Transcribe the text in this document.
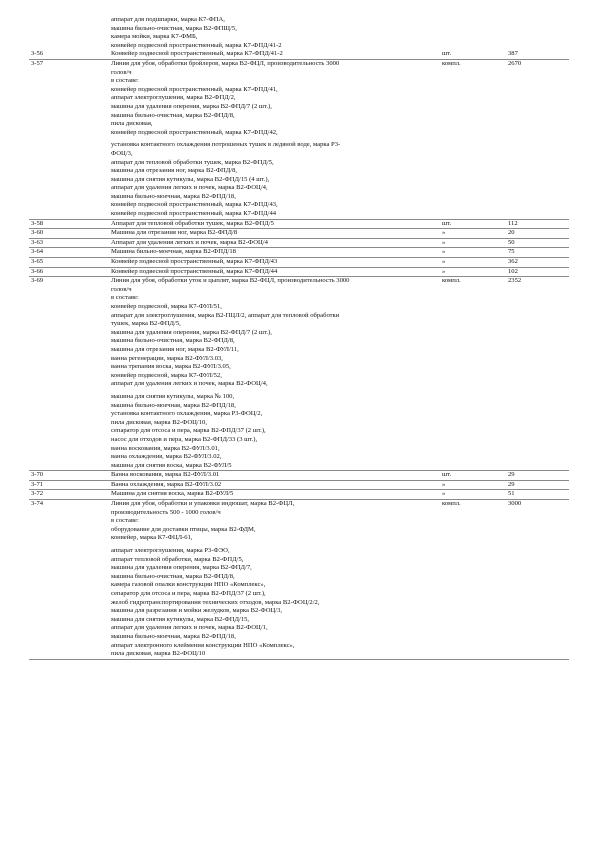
аппарат для подшпарки, марка К7-ФПА,
машина бильно-очистная, марка В2-ФПЩ/5,
камера мойки, марка К7-ФМБ,
конвейер подвесной пространственный, марка К7-ФПД/41-2
3-56	Конвейер подвесной пространственный, марка К7-ФПД/41-2	шт.	387
3-57	Линия для убоя, обработки бройлеров, марка В2-ФЦЛ, производительность 3000
голов/ч
в составе:
конвейер подвесной пространственный, марка К7-ФПД/41,
аппарат электроглушения, марка В2-ФПД/2,
машина для удаления оперения, марка В2-ФПД/7 (2 шт.),
машина бильно-очистная, марка В2-ФПД/8,
пила дисковая,
конвейер подвесной пространственный, марка К7-ФПД/42,
установка контактного охлаждения потрошеных тушек в ледяной воде, марка Р3-
ФОЦ/3,
аппарат для тепловой обработки тушек, марка В2-ФПД/5,
машина для отрезания ног, марка В2-ФПД/8,
машина для снятия кутикулы, марка В2-ФПД/15 (4 шт.),
аппарат для удаления легких и почек, марка В2-ФОЦ/4,
машина бильно-моечная, марка В2-ФПД/18,
конвейер подвесной пространственный, марка К7-ФПД/43,
конвейер подвесной пространственный, марка К7-ФПД/44
компл.	2670
3-58	Аппарат для тепловой обработки тушек, марка В2-ФПД/5	шт.	112
3-60	Машина для отрезания ног, марка В2-ФПД/8	»	20
3-63	Аппарат для удаления легких и почек, марка В2-ФОЦ/4	»	50
3-64	Машина бильно-моечная, марка В2-ФПД/18	»	75
3-65	Конвейер подвесной пространственный, марка К7-ФПД/43	»	362
3-66	Конвейер подвесной пространственный, марка К7-ФПД/44	»	102
3-69	Линия для убоя, обработки уток и цыплят, марка В2-ФЦЛ, производительность 3000
голов/ч
в составе:
конвейер подвесной, марка К7-ФУЛ/51,
аппарат для электроглушения, марка В2-ПЦЛ/2, аппарат для тепловой обработки
тушек, марка В2-ФПД/5,
машина для удаления оперения, марка В2-ФПД/7 (2 шт.),
машина бильно-очистная, марка В2-ФПД/8,
машина для отрезания ног, марка В2-ФУЛ/11,
ванна регенерации, марка В2-ФУЛ/3.03,
ванна трепания воска, марка В2-ФУЛ/3.05,
конвейер подвесной, марка К7-ФУЛ/52,
аппарат для удаления легких и почек, марка В2-ФОЦ/4,
машина для снятия кутикулы, марка № 100,
машина бильно-моечная, марка В2-ФПД/18,
установка контактного охлаждения, марка Р3-ФОЦ/2,
пила дисковая, марка В2-ФОЦ/10,
сепаратор для отсоса и пера, марка В2-ФПД/37 (2 шт.),
насос для отходов и пера, марка В2-ФПД/33 (3 шт.),
ванна воскования, марка В2-ФУЛ/3.01,
ванна охлаждения, марка В2-ФУЛ/3.02,
машина для снятия воска, марка В2-ФУЛ/5
компл.	2352
3-70	Ванна воскования, марка В2-ФУЛ/3.01	шт.	29
3-71	Ванна охлаждения, марка В2-ФУЛ/3.02	»	29
3-72	Машина для снятия воска, марка В2-ФУЛ/5	»	51
3-74	Линия для убоя, обработки и упаковки индюшат, марка В2-ФЦЛ,
производительность 500 - 1000 голов/ч
в составе:
оборудование для доставки птицы, марка В2-ФДМ,
конвейер, марка К7-ФЦЛ-61,
аппарат электроглушения, марка Р3-ФЭО,
аппарат тепловой обработки, марка В2-ФПД/5,
машина для удаления оперения, марка В2-ФПД/7,
машина бильно-очистная, марка В2-ФПД/8,
камера газовой опалки конструкции НПО «Комплекс»,
сепаратор для отсоса и пера, марка В2-ФПД/37 (2 шт.),
желоб гидротранспортирования технических отходов, марка В2-ФОЦ/2/2,
машина для разрезания и мойки желудков, марка В2-ФОЦ/3,
машина для снятия кутикулы, марка В2-ФПД/15,
аппарат для удаления легких и почек, марка В2-ФОЦ/1,
машина бильно-моечная, марка В2-ФПД/18,
аппарат электронного клеймения конструкции НПО «Комплекс»,
пила дисковая, марка В2-ФОЦ/10
компл.	3000
